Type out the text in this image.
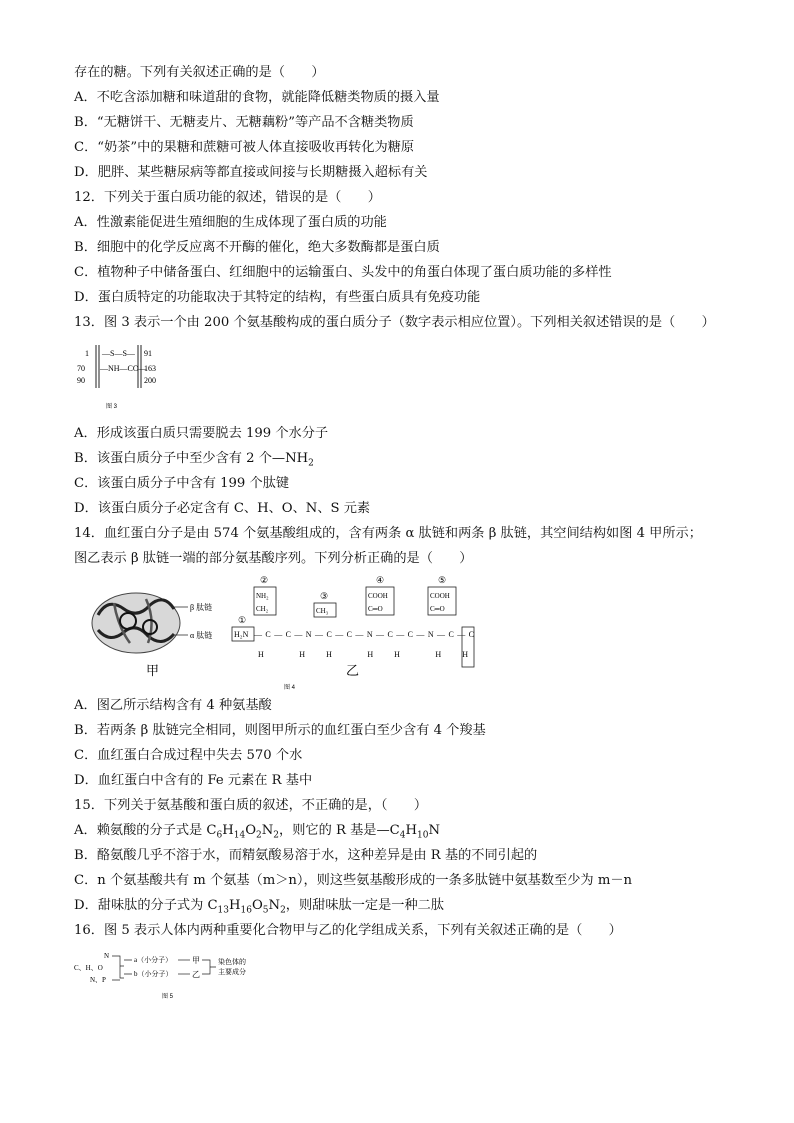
存在的糖。下列有关叙述正确的是（　　）
A．不吃含添加糖和味道甜的食物，就能降低糖类物质的摄入量
B．“无糖饼干、无糖麦片、无糖藕粉”等产品不含糖类物质
C．“奶茶”中的果糖和蔗糖可被人体直接吸收再转化为糖原
D．肥胖、某些糖尿病等都直接或间接与长期糖摄入超标有关
12．下列关于蛋白质功能的叙述，错误的是（　　）
A．性激素能促进生殖细胞的生成体现了蛋白质的功能
B．细胞中的化学反应离不开酶的催化，绝大多数酶都是蛋白质
C．植物种子中储备蛋白、红细胞中的运输蛋白、头发中的角蛋白体现了蛋白质功能的多样性
D．蛋白质特定的功能取决于其特定的结构，有些蛋白质具有免疫功能
13．图 3 表示一个由 200 个氨基酸构成的蛋白质分子（数字表示相应位置）。下列相关叙述错误的是（　　）
1
70
90
—S—S—
—NH—CO—
91
163
200
图 3
A．形成该蛋白质只需要脱去 199 个水分子
B．该蛋白质分子中至少含有 2 个$—NH_2$
C．该蛋白质分子中含有 199 个肽键
D．该蛋白质分子必定含有 C、H、O、N、S 元素
14．血红蛋白分子是由 574 个氨基酸组成的，含有两条 α 肽链和两条 β 肽链，其空间结构如图 4 甲所示；
图乙表示 β 肽链一端的部分氨基酸序列。下列分析正确的是（　　）
β 肽链
α 肽链
甲
①
H₂N —C—C—N—C—C—N—C—C—N—C—C
H　　H　H　　H　H　　H　H
②
NH₂
CH₂
③
CH₃
④
COOH
C═O
⑤
COOH
C═O
乙
图 4
A．图乙所示结构含有 4 种氨基酸
B．若两条 β 肽链完全相同，则图甲所示的血红蛋白至少含有 4 个羧基
C．血红蛋白合成过程中失去 570 个水
D．血红蛋白中含有的 Fe 元素在 R 基中
15．下列关于氨基酸和蛋白质的叙述，不正确的是，（　　）
A．赖氨酸的分子式是 $C_6H_{14}O_2N_2$，则它的 R 基是$—C_4H_{10}N$
B．酪氨酸几乎不溶于水，而精氨酸易溶于水，这种差异是由 R 基的不同引起的
C．n 个氨基酸共有 m 个氨基（m＞n），则这些氨基酸形成的一条多肽链中氨基数至少为 m－n
D．甜味肽的分子式为 $C_{13}H_{16}O_5N_2$，则甜味肽一定是一种二肽
16．图 5 表示人体内两种重要化合物甲与乙的化学组成关系，下列有关叙述正确的是（　　）
N
C、H、O
N、P
a（小分子）
b（小分子）
甲
乙
染色体的
主要成分
图 5
